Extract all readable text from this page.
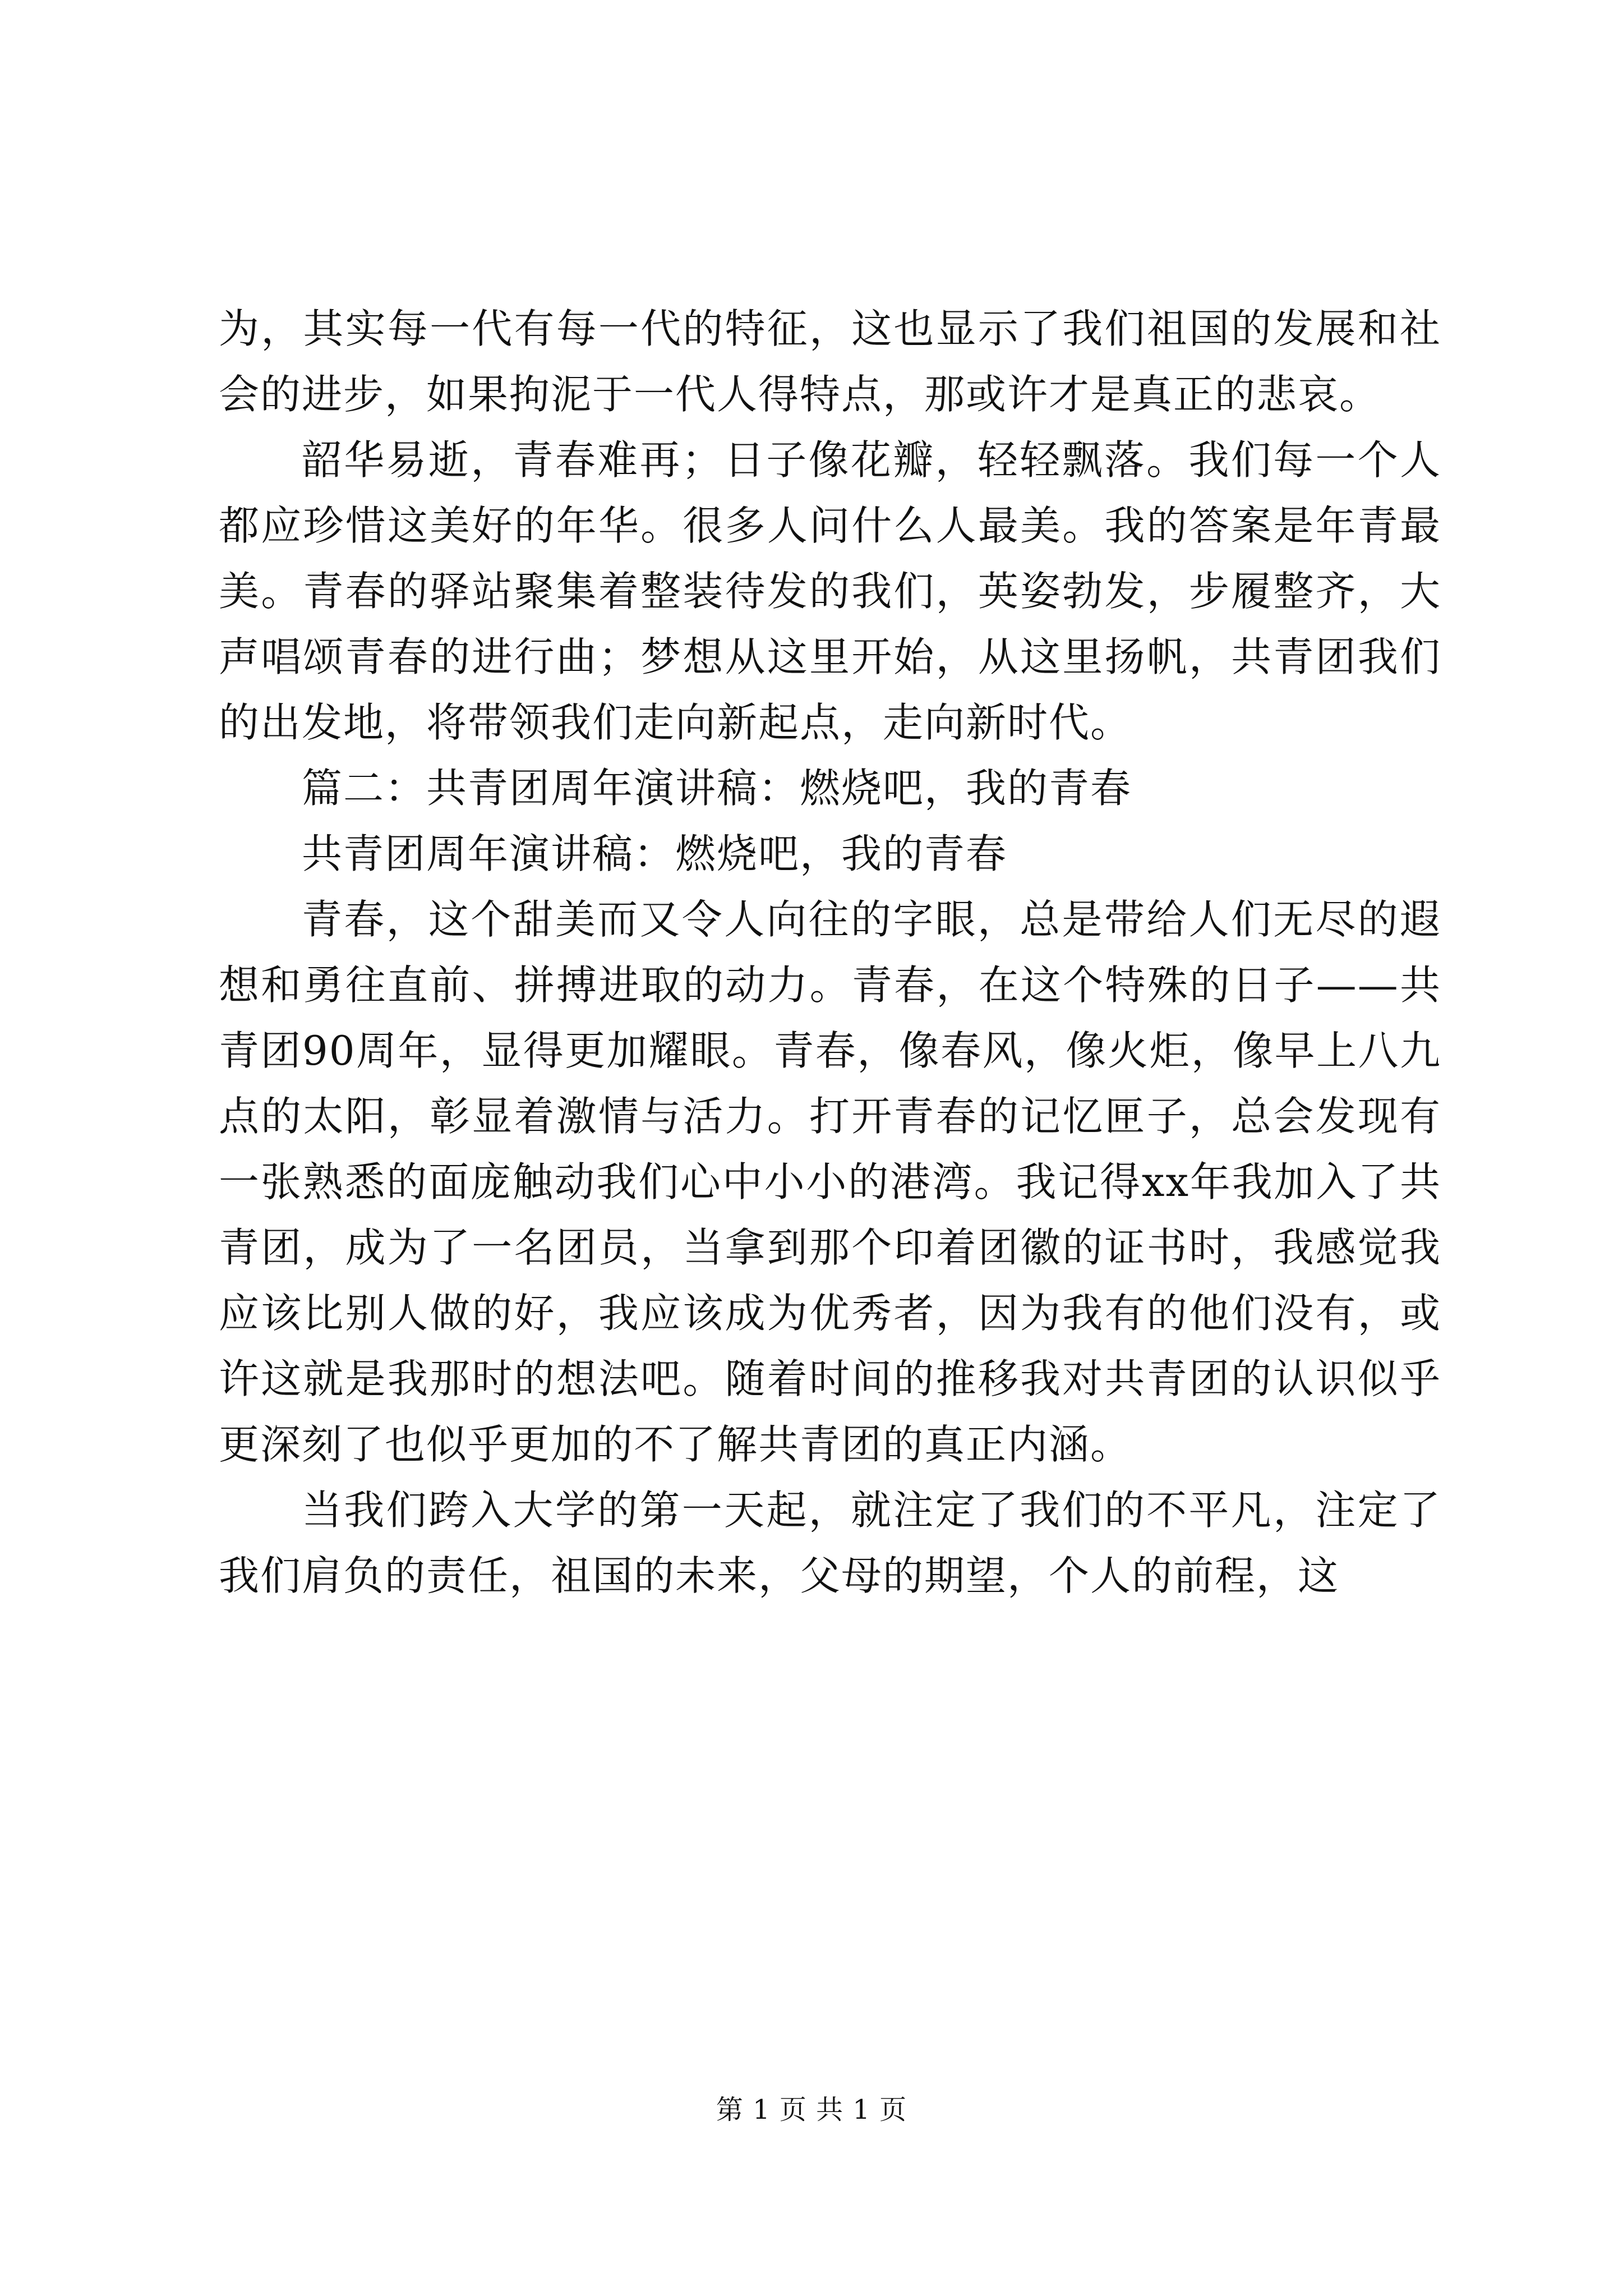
为，其实每一代有每一代的特征，这也显示了我们祖国的发展和社会的进步，如果拘泥于一代人得特点，那或许才是真正的悲哀。

韶华易逝，青春难再；日子像花瓣，轻轻飘落。我们每一个人都应珍惜这美好的年华。很多人问什么人最美。我的答案是年青最美。青春的驿站聚集着整装待发的我们，英姿勃发，步履整齐，大声唱颂青春的进行曲；梦想从这里开始，从这里扬帆，共青团我们的出发地，将带领我们走向新起点，走向新时代。

篇二：共青团周年演讲稿：燃烧吧，我的青春

共青团周年演讲稿：燃烧吧，我的青春

青春，这个甜美而又令人向往的字眼，总是带给人们无尽的遐想和勇往直前、拼搏进取的动力。青春，在这个特殊的日子——共青团90周年，显得更加耀眼。青春，像春风，像火炬，像早上八九点的太阳，彰显着激情与活力。打开青春的记忆匣子，总会发现有一张熟悉的面庞触动我们心中小小的港湾。我记得xx年我加入了共青团，成为了一名团员，当拿到那个印着团徽的证书时，我感觉我应该比别人做的好，我应该成为优秀者，因为我有的他们没有，或许这就是我那时的想法吧。随着时间的推移我对共青团的认识似乎更深刻了也似乎更加的不了解共青团的真正内涵。

当我们跨入大学的第一天起，就注定了我们的不平凡，注定了我们肩负的责任，祖国的未来，父母的期望，个人的前程，这

第 1 页 共 1 页
